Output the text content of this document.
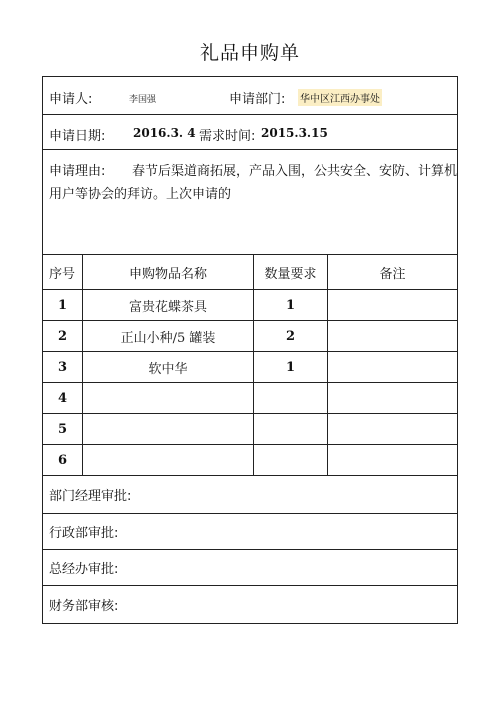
礼品申购单
申请人: 李国强 申请部门: 华中区江西办事处			

申请日期: 2016.3. 4 需求时间: 2015.3.15			

申请理由: 春节后渠道商拓展，产品入围，公共安全、安防、计算机
用户等协会的拜访。上次申请的			

序号	申购物品名称	数量要求	备注
1	富贵花蝶茶具	1	
2	正山小种/5 罐装	2	
3	软中华	1	
4			
5			
6			
部门经理审批:			
行政部审批:			
总经办审批:			
财务部审核:			
